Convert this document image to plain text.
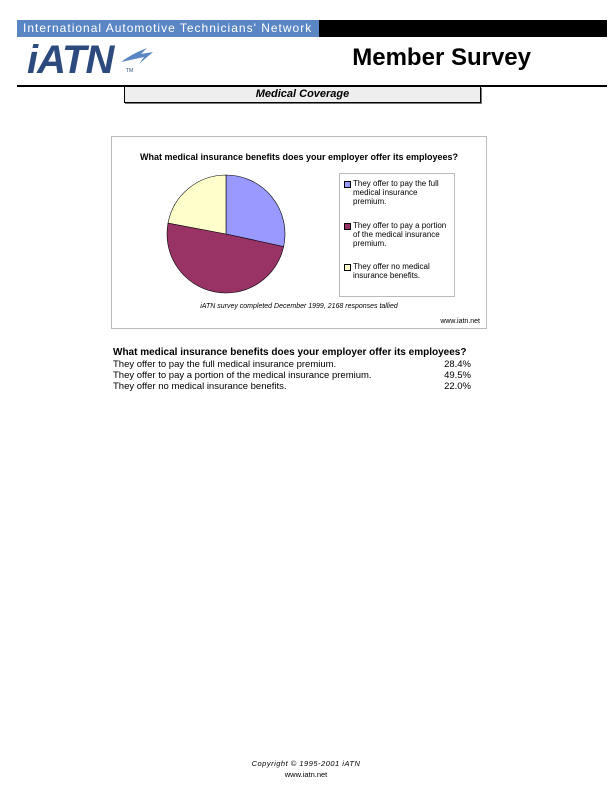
International Automotive Technicians' Network
iATN	TM	Member Survey
Medical Coverage
What medical insurance benefits does your employer offer its employees?
They offer to pay the full medical insurance premium.
They offer to pay a portion of the medical insurance premium.
They offer no medical insurance benefits.
iATN survey completed December 1999, 2168 responses tallied
www.iatn.net
What medical insurance benefits does your employer offer its employees?
They offer to pay the full medical insurance premium.	28.4%
They offer to pay a portion of the medical insurance premium.	49.5%
They offer no medical insurance benefits.	22.0%
Copyright © 1995-2001 iATN
www.iatn.net
